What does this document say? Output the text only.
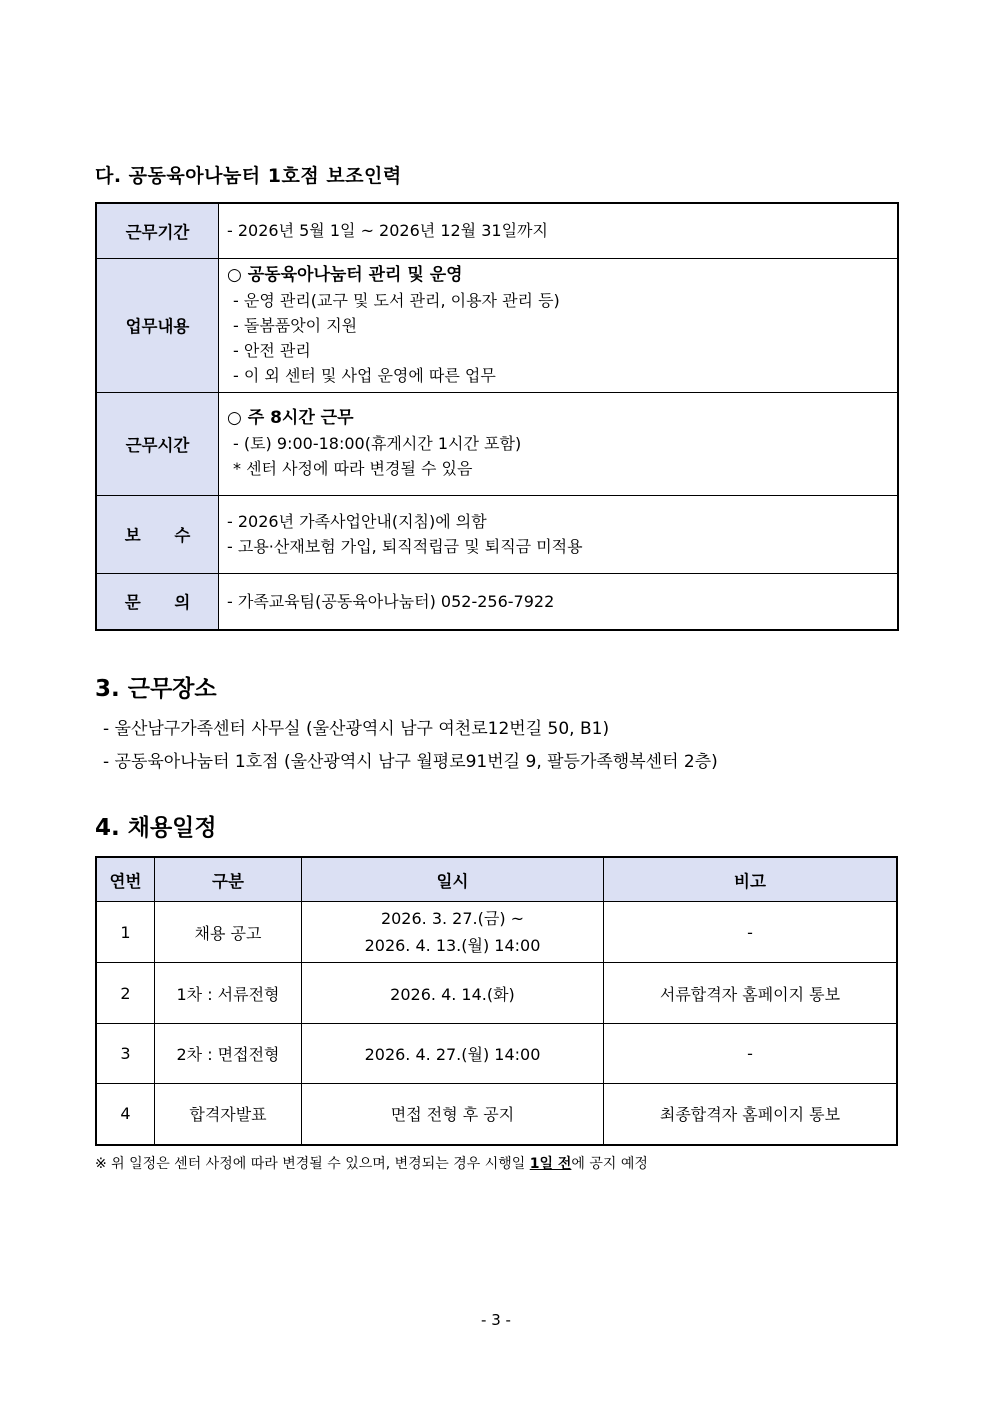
다. 공동육아나눔터 1호점 보조인력
근무기간	- 2026년 5월 1일 ~ 2026년 12월 31일까지

업무내용	○ 공동육아나눔터 관리 및 운영
- 운영 관리(교구 및 도서 관리, 이용자 관리 등)
- 돌봄품앗이 지원
- 안전 관리
- 이 외 센터 및 사업 운영에 따른 업무

근무시간	○ 주 8시간 근무
- (토) 9:00-18:00(휴게시간 1시간 포함)
* 센터 사정에 따라 변경될 수 있음

보 수	- 2026년 가족사업안내(지침)에 의함
- 고용·산재보험 가입, 퇴직적립금 및 퇴직금 미적용

문 의	- 가족교육팀(공동육아나눔터) 052-256-7922
3. 근무장소
- 울산남구가족센터 사무실 (울산광역시 남구 여천로12번길 50, B1)
- 공동육아나눔터 1호점 (울산광역시 남구 월평로91번길 9, 팔등가족행복센터 2층)
4. 채용일정
연번	구분	일시	비고
1	채용 공고	2026. 3. 27.(금) ~
2026. 4. 13.(월) 14:00	-
2	1차 : 서류전형	2026. 4. 14.(화)	서류합격자 홈페이지 통보
3	2차 : 면접전형	2026. 4. 27.(월) 14:00	-
4	합격자발표	면접 전형 후 공지	최종합격자 홈페이지 통보
※ 위 일정은 센터 사정에 따라 변경될 수 있으며, 변경되는 경우 시행일 1일 전에 공지 예정
- 3 -
